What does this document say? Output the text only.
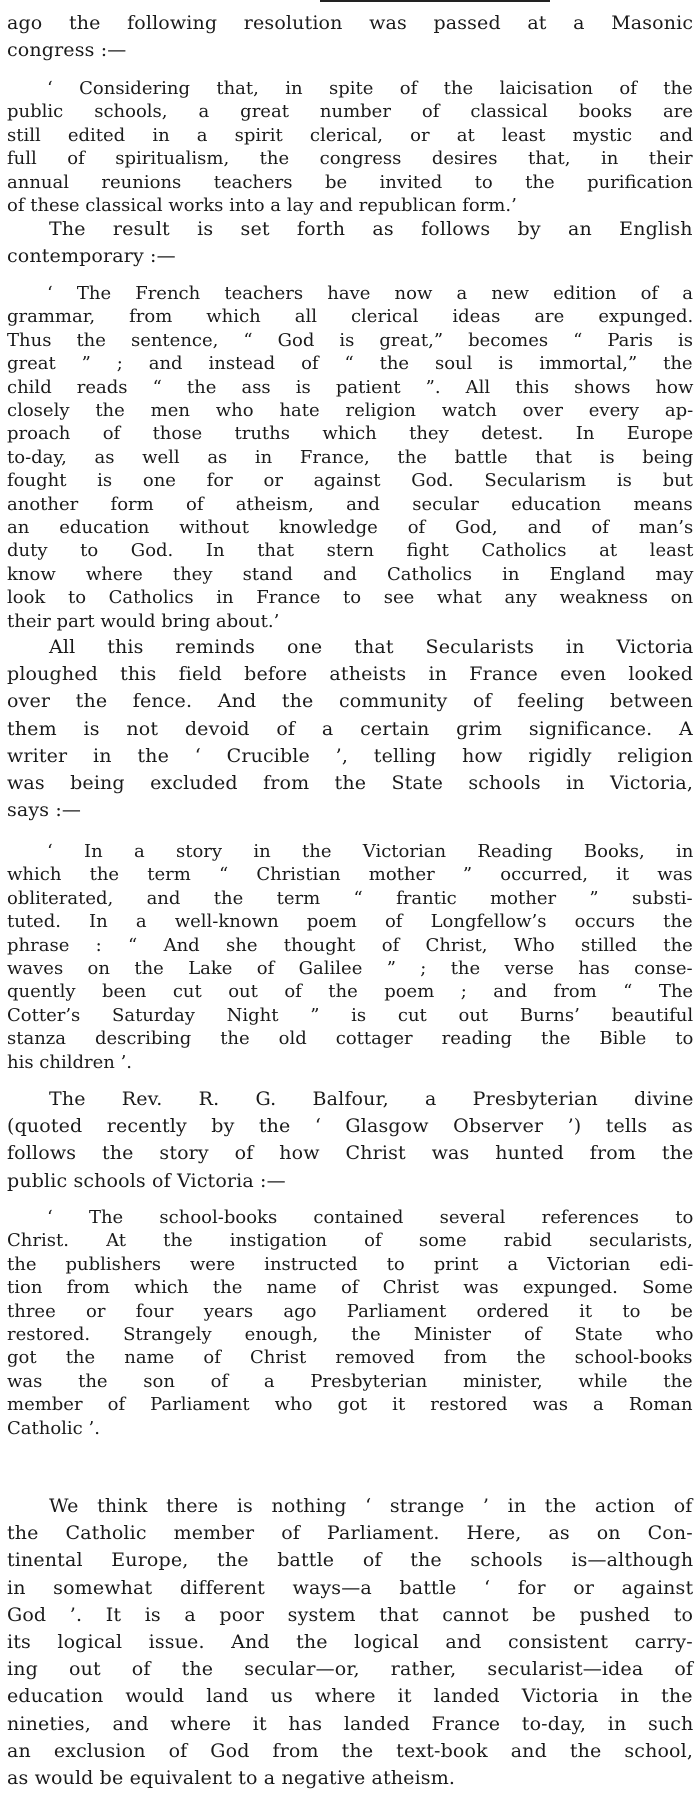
ago the following resolution was passed at a Masonic
congress :—
‘ Considering that, in spite of the laicisation of the
public schools, a great number of classical books are
still edited in a spirit clerical, or at least mystic and
full of spiritualism, the congress desires that, in their
annual reunions teachers be invited to the purification
of these classical works into a lay and republican form.’
The result is set forth as follows by an English
contemporary :—
‘ The French teachers have now a new edition of a
grammar, from which all clerical ideas are expunged.
Thus the sentence, “ God is great,” becomes “ Paris is
great ” ; and instead of “ the soul is immortal,” the
child reads “ the ass is patient ”. All this shows how
closely the men who hate religion watch over every ap-
proach of those truths which they detest. In Europe
to-day, as well as in France, the battle that is being
fought is one for or against God. Secularism is but
another form of atheism, and secular education means
an education without knowledge of God, and of man’s
duty to God. In that stern fight Catholics at least
know where they stand and Catholics in England may
look to Catholics in France to see what any weakness on
their part would bring about.’
All this reminds one that Secularists in Victoria
ploughed this field before atheists in France even looked
over the fence. And the community of feeling between
them is not devoid of a certain grim significance. A
writer in the ‘ Crucible ’, telling how rigidly religion
was being excluded from the State schools in Victoria,
says :—
‘ In a story in the Victorian Reading Books, in
which the term “ Christian mother ” occurred, it was
obliterated, and the term “ frantic mother ” substi-
tuted. In a well-known poem of Longfellow’s occurs the
phrase : “ And she thought of Christ, Who stilled the
waves on the Lake of Galilee ” ; the verse has conse-
quently been cut out of the poem ; and from “ The
Cotter’s Saturday Night ” is cut out Burns’ beautiful
stanza describing the old cottager reading the Bible to
his children ’.
The Rev. R. G. Balfour, a Presbyterian divine
(quoted recently by the ‘ Glasgow Observer ’) tells as
follows the story of how Christ was hunted from the
public schools of Victoria :—
‘ The school-books contained several references to
Christ. At the instigation of some rabid secularists,
the publishers were instructed to print a Victorian edi-
tion from which the name of Christ was expunged. Some
three or four years ago Parliament ordered it to be
restored. Strangely enough, the Minister of State who
got the name of Christ removed from the school-books
was the son of a Presbyterian minister, while the
member of Parliament who got it restored was a Roman
Catholic ’.
We think there is nothing ‘ strange ’ in the action of
the Catholic member of Parliament. Here, as on Con-
tinental Europe, the battle of the schools is—although
in somewhat different ways—a battle ‘ for or against
God ’. It is a poor system that cannot be pushed to
its logical issue. And the logical and consistent carry-
ing out of the secular—or, rather, secularist—idea of
education would land us where it landed Victoria in the
nineties, and where it has landed France to-day, in such
an exclusion of God from the text-book and the school,
as would be equivalent to a negative atheism.
